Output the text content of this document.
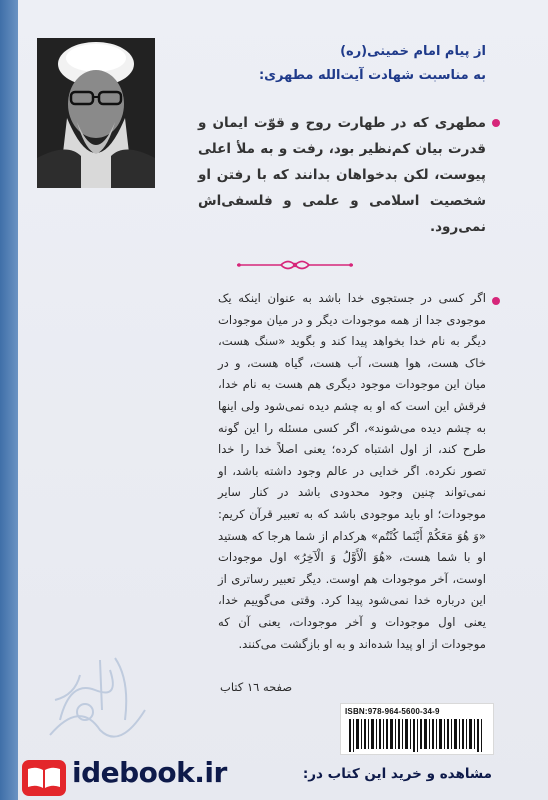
از پیام امام خمینی(ره)
به مناسبت شهادت آیت‌الله مطهری:
مطهری که در طهارت روح و قوّت ایمان و قدرت بیان کم‌نظیر بود، رفت و به ملأ اعلی پیوست، لکن بدخواهان بدانند که با رفتن او شخصیت اسلامی و علمی و فلسفی‌اش نمی‌رود.
اگر کسی در جستجوی خدا باشد به عنوان اینکه یک موجودی جدا از همه موجودات دیگر و در میان موجودات دیگر به نام خدا بخواهد پیدا کند و بگوید «سنگ هست، خاک هست، هوا هست، آب هست، گیاه هست، و در میان این موجودات موجود دیگری هم هست به نام خدا، فرقش این است که او به چشم دیده نمی‌شود ولی اینها به چشم دیده می‌شوند»، اگر کسی مسئله را این گونه طرح کند، از اول اشتباه کرده؛ یعنی اصلاً خدا را خدا تصور نکرده. اگر خدایی در عالم وجود داشته باشد، او نمی‌تواند چنین وجود محدودی باشد در کنار سایر موجودات؛ او باید موجودی باشد که به تعبیر قرآن کریم: «وَ هُوَ مَعَکُمْ أَیْنَما کُنْتُم» هرکدام از شما هرجا که هستید او با شما هست، «هُوَ الْأَوَّلُ وَ الْآخِرُ» اول موجودات اوست، آخر موجودات هم اوست. دیگر تعبیر رساتری از این درباره خدا نمی‌شود پیدا کرد. وقتی می‌گوییم خدا، یعنی اول موجودات و آخر موجودات، یعنی آن که موجودات از او پیدا شده‌اند و به او بازگشت می‌کنند.
صفحه ١٦ کتاب
ISBN:978-964-5600-34-9
idebook.ir	مشاهده و خرید این کتاب در:
